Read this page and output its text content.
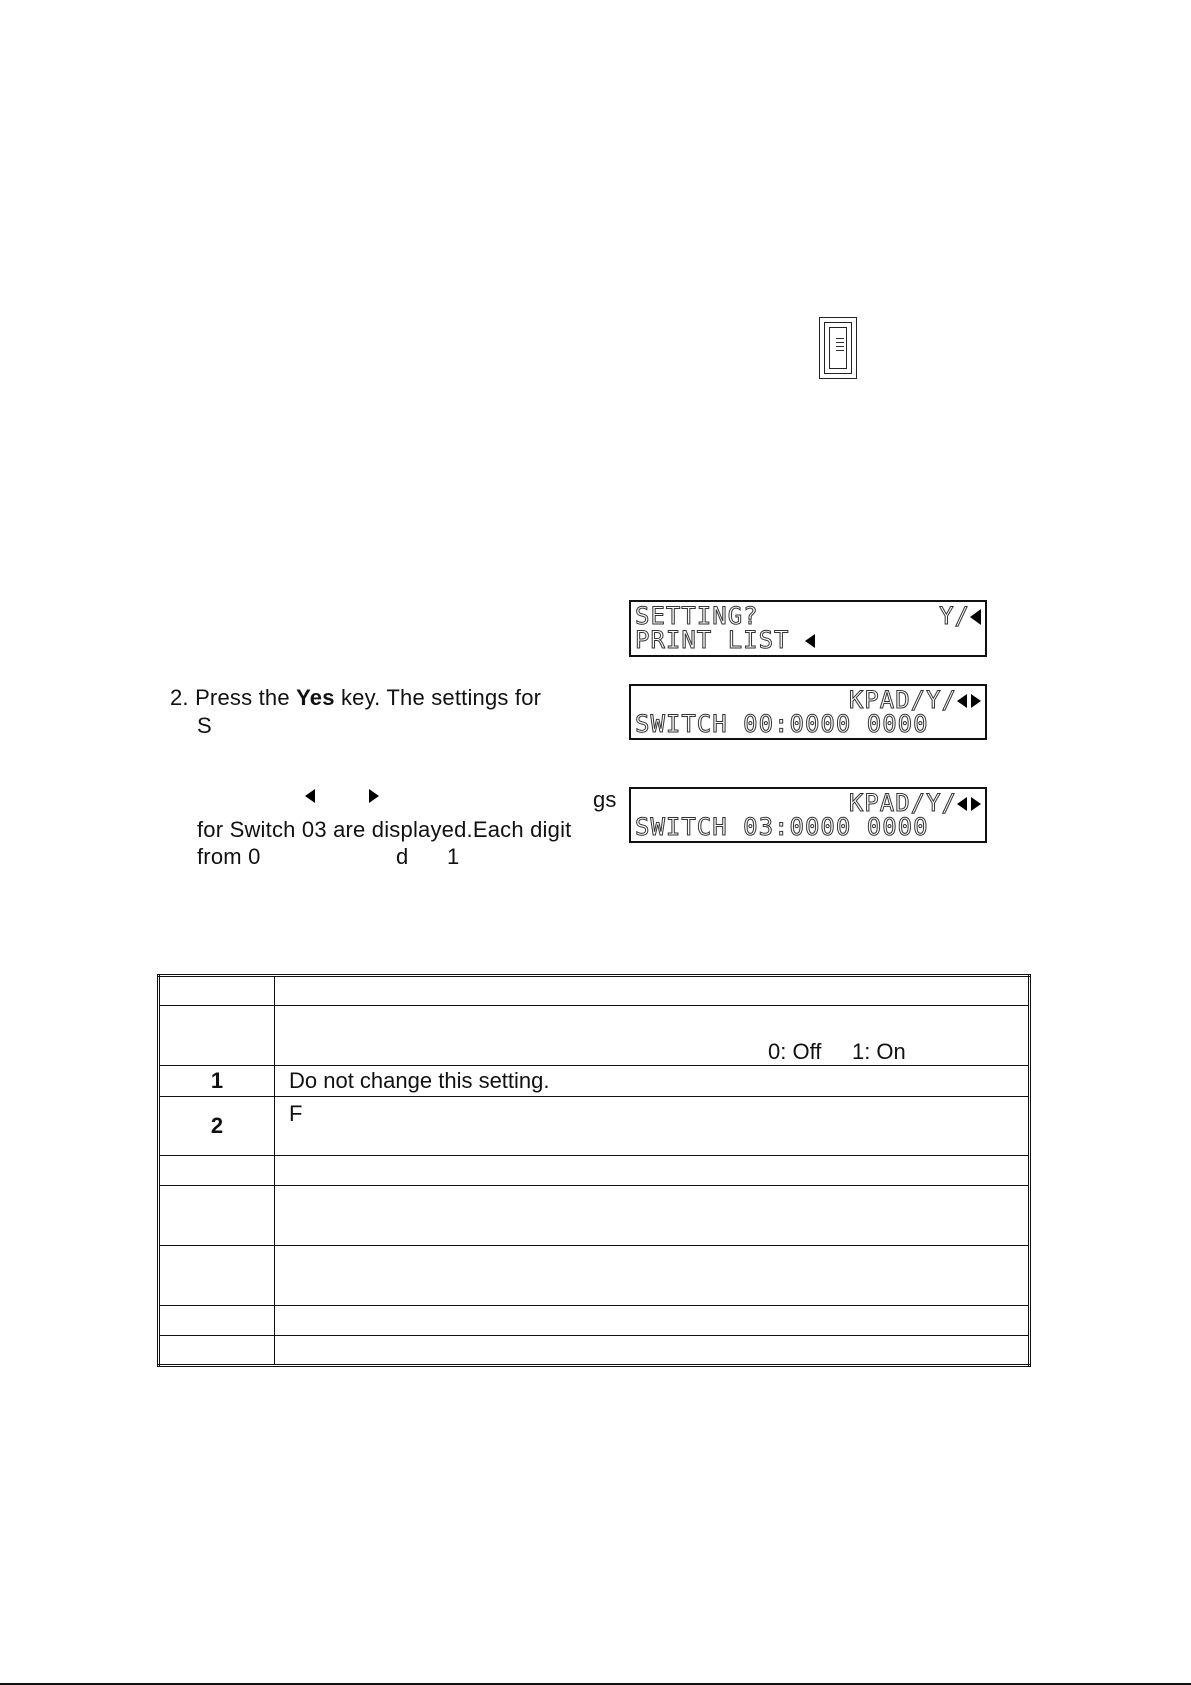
SETTING?	Y/
PRINT LIST
KPAD/Y/
SWITCH 00:0000 0000
KPAD/Y/
SWITCH 03:0000 0000
2. Press the Yes key. The settings for
S
gs
for Switch 03 are displayed.Each digit
from 0	d 1

	0: Off     1: On

1	Do not change this setting.
2	F
